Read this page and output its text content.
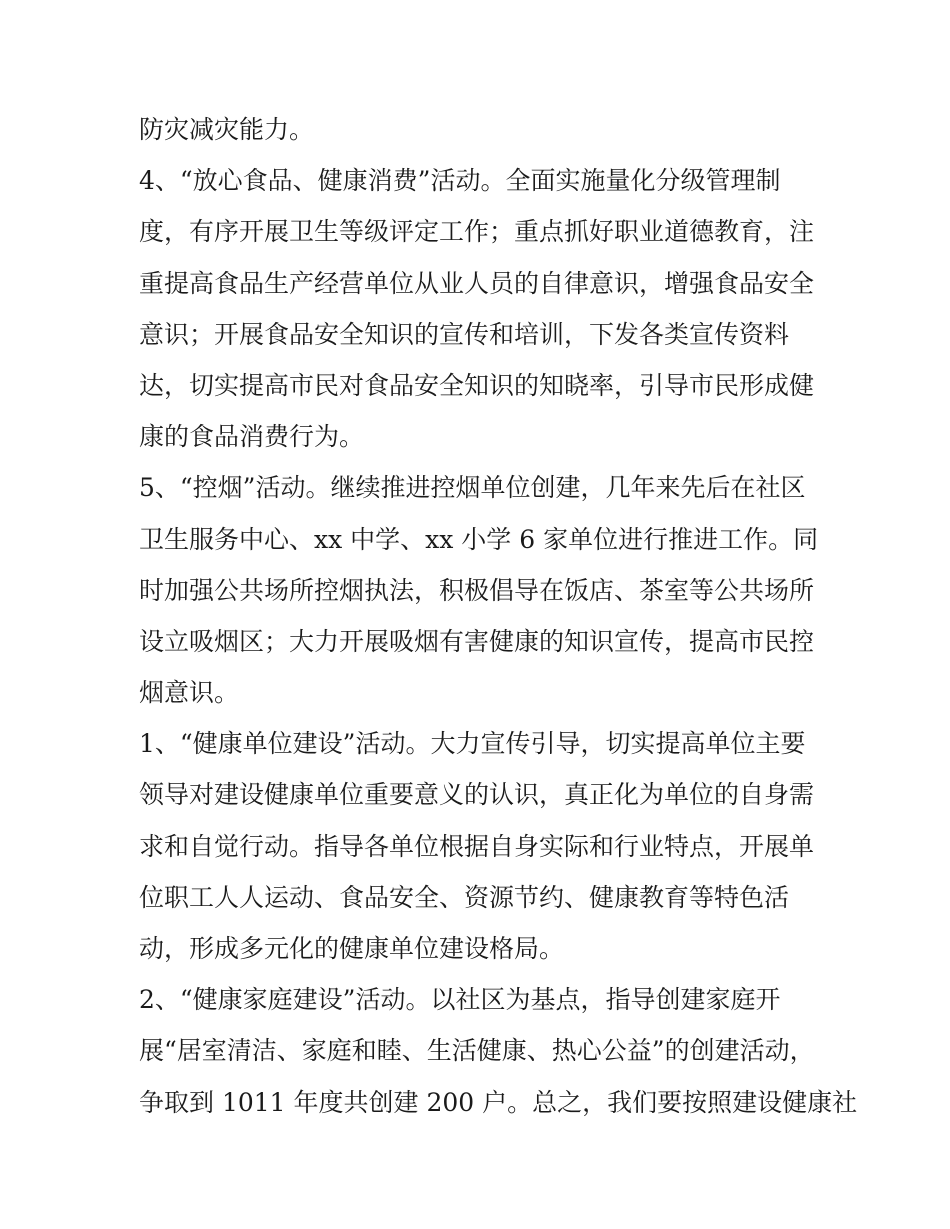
防灾减灾能力。
4、“放心食品、健康消费”活动。全面实施量化分级管理制
度，有序开展卫生等级评定工作；重点抓好职业道德教育，注
重提高食品生产经营单位从业人员的自律意识，增强食品安全
意识；开展食品安全知识的宣传和培训，下发各类宣传资料
达，切实提高市民对食品安全知识的知晓率，引导市民形成健
康的食品消费行为。
5、“控烟”活动。继续推进控烟单位创建，几年来先后在社区
卫生服务中心、xx 中学、xx 小学 6 家单位进行推进工作。同
时加强公共场所控烟执法，积极倡导在饭店、茶室等公共场所
设立吸烟区；大力开展吸烟有害健康的知识宣传，提高市民控
烟意识。
1、“健康单位建设”活动。大力宣传引导，切实提高单位主要
领导对建设健康单位重要意义的认识，真正化为单位的自身需
求和自觉行动。指导各单位根据自身实际和行业特点，开展单
位职工人人运动、食品安全、资源节约、健康教育等特色活
动，形成多元化的健康单位建设格局。
2、“健康家庭建设”活动。以社区为基点，指导创建家庭开
展“居室清洁、家庭和睦、生活健康、热心公益”的创建活动，
争取到 1011 年度共创建 200 户。总之，我们要按照建设健康社
